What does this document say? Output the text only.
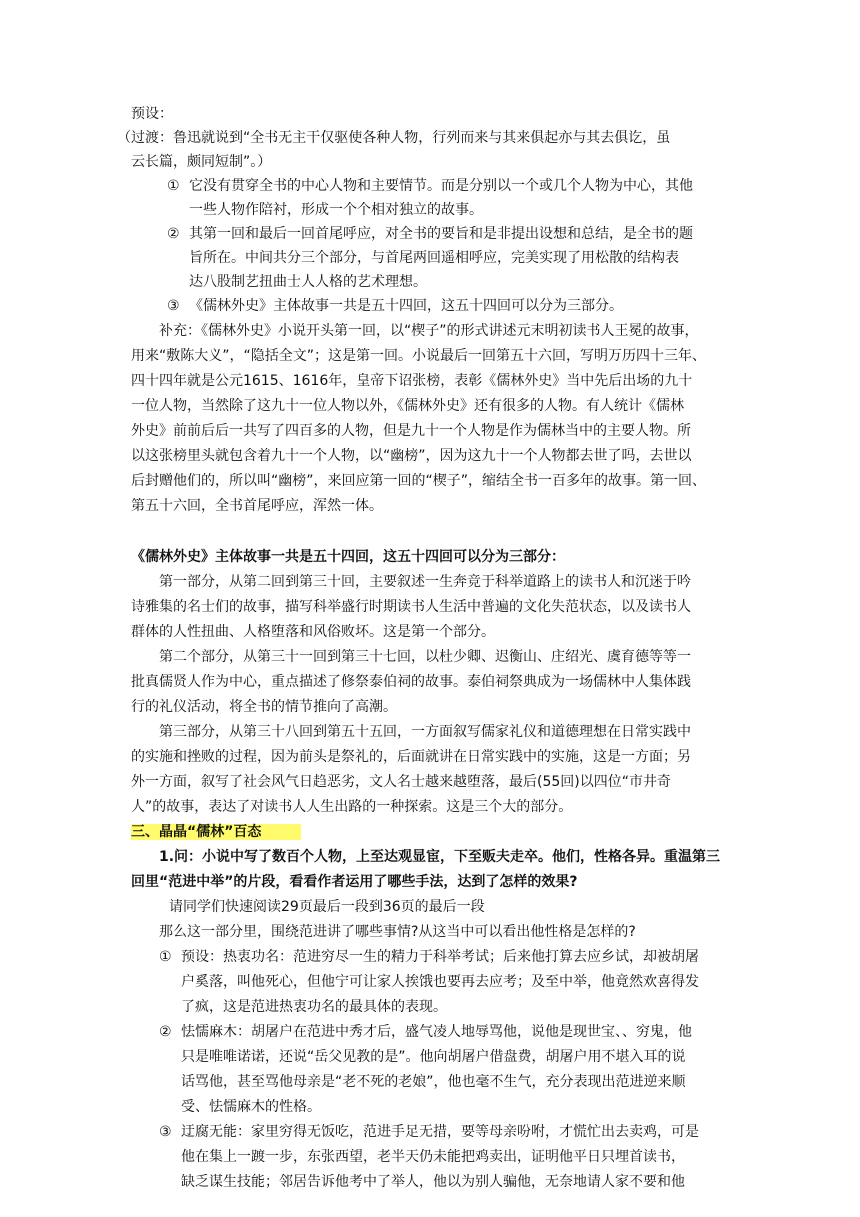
预设：
（过渡：鲁迅就说到“全书无主干仅驱使各种人物，行列而来与其来俱起亦与其去俱讫，虽
云长篇，颇同短制”。）
① 它没有贯穿全书的中心人物和主要情节。而是分别以一个或几个人物为中心，其他
一些人物作陪衬，形成一个个相对独立的故事。
② 其第一回和最后一回首尾呼应，对全书的要旨和是非提出设想和总结，是全书的题
旨所在。中间共分三个部分，与首尾两回遥相呼应，完美实现了用松散的结构表
达八股制艺扭曲士人人格的艺术理想。
③ 《儒林外史》主体故事一共是五十四回，这五十四回可以分为三部分。
补充：《儒林外史》小说开头第一回，以“楔子”的形式讲述元末明初读书人王冕的故事，
用来“敷陈大义”，“隐括全文”；这是第一回。小说最后一回第五十六回，写明万历四十三年、
四十四年就是公元1615、1616年，皇帝下诏张榜，表彰《儒林外史》当中先后出场的九十
一位人物，当然除了这九十一位人物以外，《儒林外史》还有很多的人物。有人统计《儒林
外史》前前后后一共写了四百多的人物，但是九十一个人物是作为儒林当中的主要人物。所
以这张榜里头就包含着九十一个人物，以“幽榜”，因为这九十一个人物都去世了吗，去世以
后封赠他们的，所以叫“幽榜”，来回应第一回的“楔子”，缩结全书一百多年的故事。第一回、
第五十六回，全书首尾呼应，浑然一体。
《儒林外史》主体故事一共是五十四回，这五十四回可以分为三部分：
第一部分，从第二回到第三十回，主要叙述一生奔竞于科举道路上的读书人和沉迷于吟
诗雅集的名士们的故事，描写科举盛行时期读书人生活中普遍的文化失范状态，以及读书人
群体的人性扭曲、人格堕落和风俗败坏。这是第一个部分。
第二个部分，从第三十一回到第三十七回，以杜少卿、迟衡山、庄绍光、虞育德等等一
批真儒贤人作为中心，重点描述了修祭泰伯祠的故事。泰伯祠祭典成为一场儒林中人集体践
行的礼仪活动，将全书的情节推向了高潮。
第三部分，从第三十八回到第五十五回，一方面叙写儒家礼仪和道德理想在日常实践中
的实施和挫败的过程，因为前头是祭礼的，后面就讲在日常实践中的实施，这是一方面；另
外一方面，叙写了社会风气日趋恶劣，文人名士越来越堕落，最后(55回)以四位“市井奇
人”的故事，表达了对读书人人生出路的一种探索。这是三个大的部分。
三、晶晶“儒林”百态
1.问：小说中写了数百个人物，上至达观显宦，下至贩夫走卒。他们，性格各异。重温第三
回里“范进中举”的片段，看看作者运用了哪些手法，达到了怎样的效果?
请同学们快速阅读29页最后一段到36页的最后一段
那么这一部分里，围绕范进讲了哪些事情?从这当中可以看出他性格是怎样的?
① 预设：热衷功名：范进穷尽一生的精力于科举考试；后来他打算去应乡试，却被胡屠
户奚落，叫他死心，但他宁可让家人挨饿也要再去应考；及至中举，他竟然欢喜得发
了疯，这是范进热衷功名的最具体的表现。
② 怯懦麻木：胡屠户在范进中秀才后，盛气凌人地辱骂他，说他是现世宝、、穷鬼，他
只是唯唯诺诺，还说“岳父见教的是”。他向胡屠户借盘费，胡屠户用不堪入耳的说
话骂他，甚至骂他母亲是“老不死的老娘”，他也毫不生气，充分表现出范进逆来顺
受、怯懦麻木的性格。
③ 迂腐无能：家里穷得无饭吃，范进手足无措，要等母亲吩咐，才慌忙出去卖鸡，可是
他在集上一踱一步，东张西望，老半天仍未能把鸡卖出，证明他平日只埋首读书，
缺乏谋生技能；邻居告诉他考中了举人，他以为别人骗他，无奈地请人家不要和他
